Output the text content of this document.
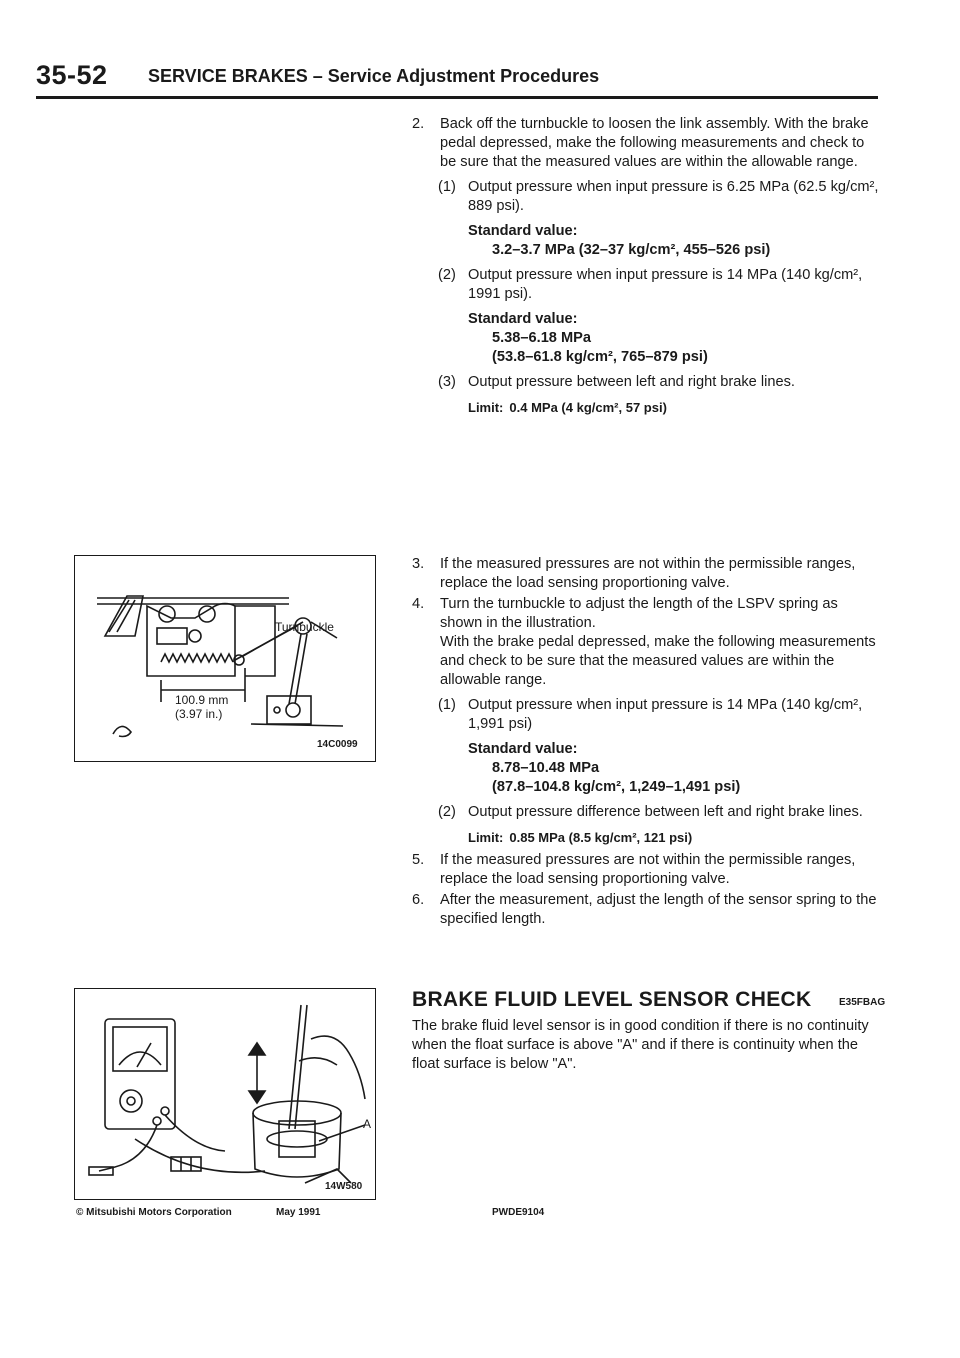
35-52 SERVICE BRAKES – Service Adjustment Procedures
2. Back off the turnbuckle to loosen the link assembly. With the brake pedal depressed, make the following measurements and check to be sure that the measured values are within the allowable range.
(1) Output pressure when input pressure is 6.25 MPa (62.5 kg/cm², 889 psi).
Standard value:
3.2–3.7 MPa (32–37 kg/cm², 455–526 psi)
(2) Output pressure when input pressure is 14 MPa (140 kg/cm², 1991 psi).
Standard value:
5.38–6.18 MPa
(53.8–61.8 kg/cm², 765–879 psi)
(3) Output pressure between left and right brake lines.
Limit: 0.4 MPa (4 kg/cm², 57 psi)
3. If the measured pressures are not within the permissible ranges, replace the load sensing proportioning valve.
4. Turn the turnbuckle to adjust the length of the LSPV spring as shown in the illustration.
With the brake pedal depressed, make the following measurements and check to be sure that the measured values are within the allowable range.
(1) Output pressure when input pressure is 14 MPa (140 kg/cm², 1,991 psi)
Standard value:
8.78–10.48 MPa
(87.8–104.8 kg/cm², 1,249–1,491 psi)
(2) Output pressure difference between left and right brake lines.
Limit: 0.85 MPa (8.5 kg/cm², 121 psi)
5. If the measured pressures are not within the permissible ranges, replace the load sensing proportioning valve.
6. After the measurement, adjust the length of the sensor spring to the specified length.
BRAKE FLUID LEVEL SENSOR CHECK	E35FBAG
The brake fluid level sensor is in good condition if there is no continuity when the float surface is above "A" and if there is continuity when the float surface is below "A".
Turnbuckle
100.9 mm
(3.97 in.)
14C0099
A
14W580
© Mitsubishi Motors Corporation	May 1991	PWDE9104
